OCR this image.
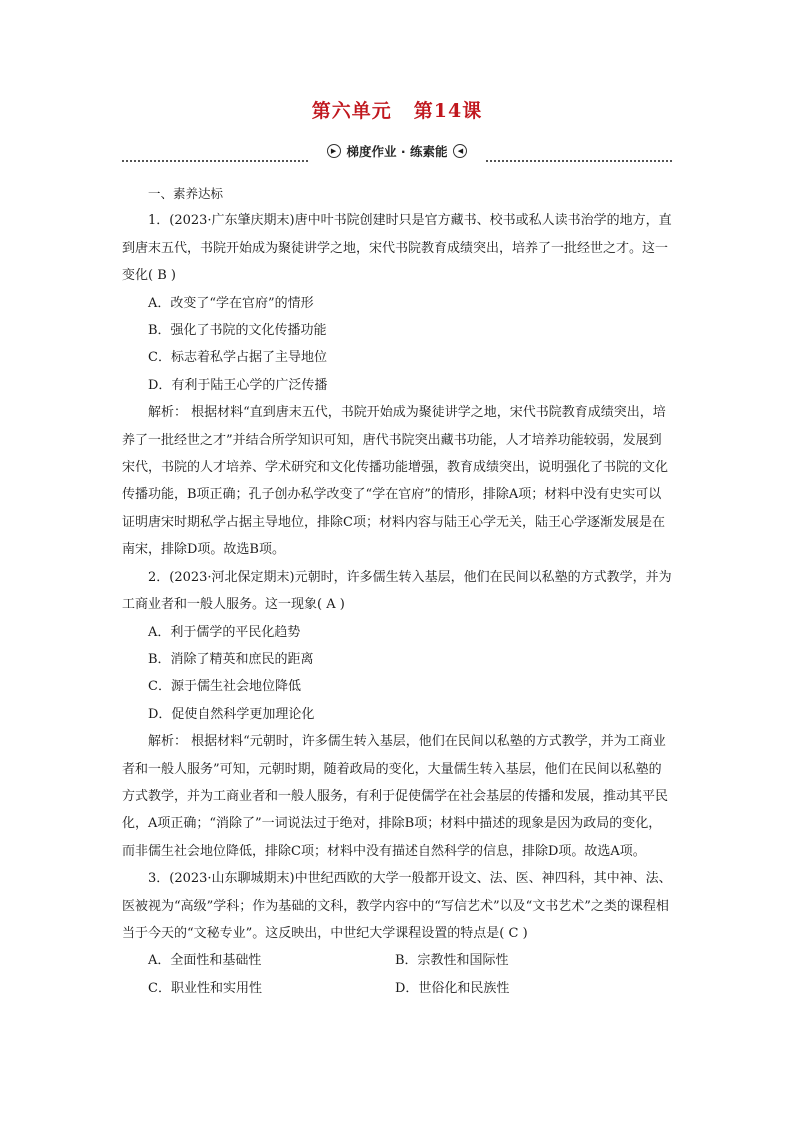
第六单元 第14课
▶ 梯度作业 · 练素能	◀

一、素养达标

1．(2023·广东肇庆期末)唐中叶书院创建时只是官方藏书、校书或私人读书治学的地方，直到唐末五代，书院开始成为聚徒讲学之地，宋代书院教育成绩突出，培养了一批经世之才。这一变化( B )

A．改变了“学在官府”的情形

B．强化了书院的文化传播功能

C．标志着私学占据了主导地位

D．有利于陆王心学的广泛传播

解析： 根据材料“直到唐末五代，书院开始成为聚徒讲学之地，宋代书院教育成绩突出，培养了一批经世之才”并结合所学知识可知，唐代书院突出藏书功能，人才培养功能较弱，发展到宋代，书院的人才培养、学术研究和文化传播功能增强，教育成绩突出，说明强化了书院的文化传播功能，B项正确；孔子创办私学改变了“学在官府”的情形，排除A项；材料中没有史实可以证明唐宋时期私学占据主导地位，排除C项；材料内容与陆王心学无关，陆王心学逐渐发展是在南宋，排除D项。故选B项。

2．(2023·河北保定期末)元朝时，许多儒生转入基层，他们在民间以私塾的方式教学，并为工商业者和一般人服务。这一现象( A )

A．利于儒学的平民化趋势

B．消除了精英和庶民的距离

C．源于儒生社会地位降低

D．促使自然科学更加理论化

解析： 根据材料“元朝时，许多儒生转入基层，他们在民间以私塾的方式教学，并为工商业者和一般人服务”可知，元朝时期，随着政局的变化，大量儒生转入基层，他们在民间以私塾的方式教学，并为工商业者和一般人服务，有利于促使儒学在社会基层的传播和发展，推动其平民化，A项正确；“消除了”一词说法过于绝对，排除B项；材料中描述的现象是因为政局的变化，而非儒生社会地位降低，排除C项；材料中没有描述自然科学的信息，排除D项。故选A项。

3．(2023·山东聊城期末)中世纪西欧的大学一般都开设文、法、医、神四科，其中神、法、医被视为“高级”学科；作为基础的文科，教学内容中的“写信艺术”以及“文书艺术”之类的课程相当于今天的“文秘专业”。这反映出，中世纪大学课程设置的特点是( C )

A．全面性和基础性	B．宗教性和国际性
C．职业性和实用性	D．世俗化和民族性
